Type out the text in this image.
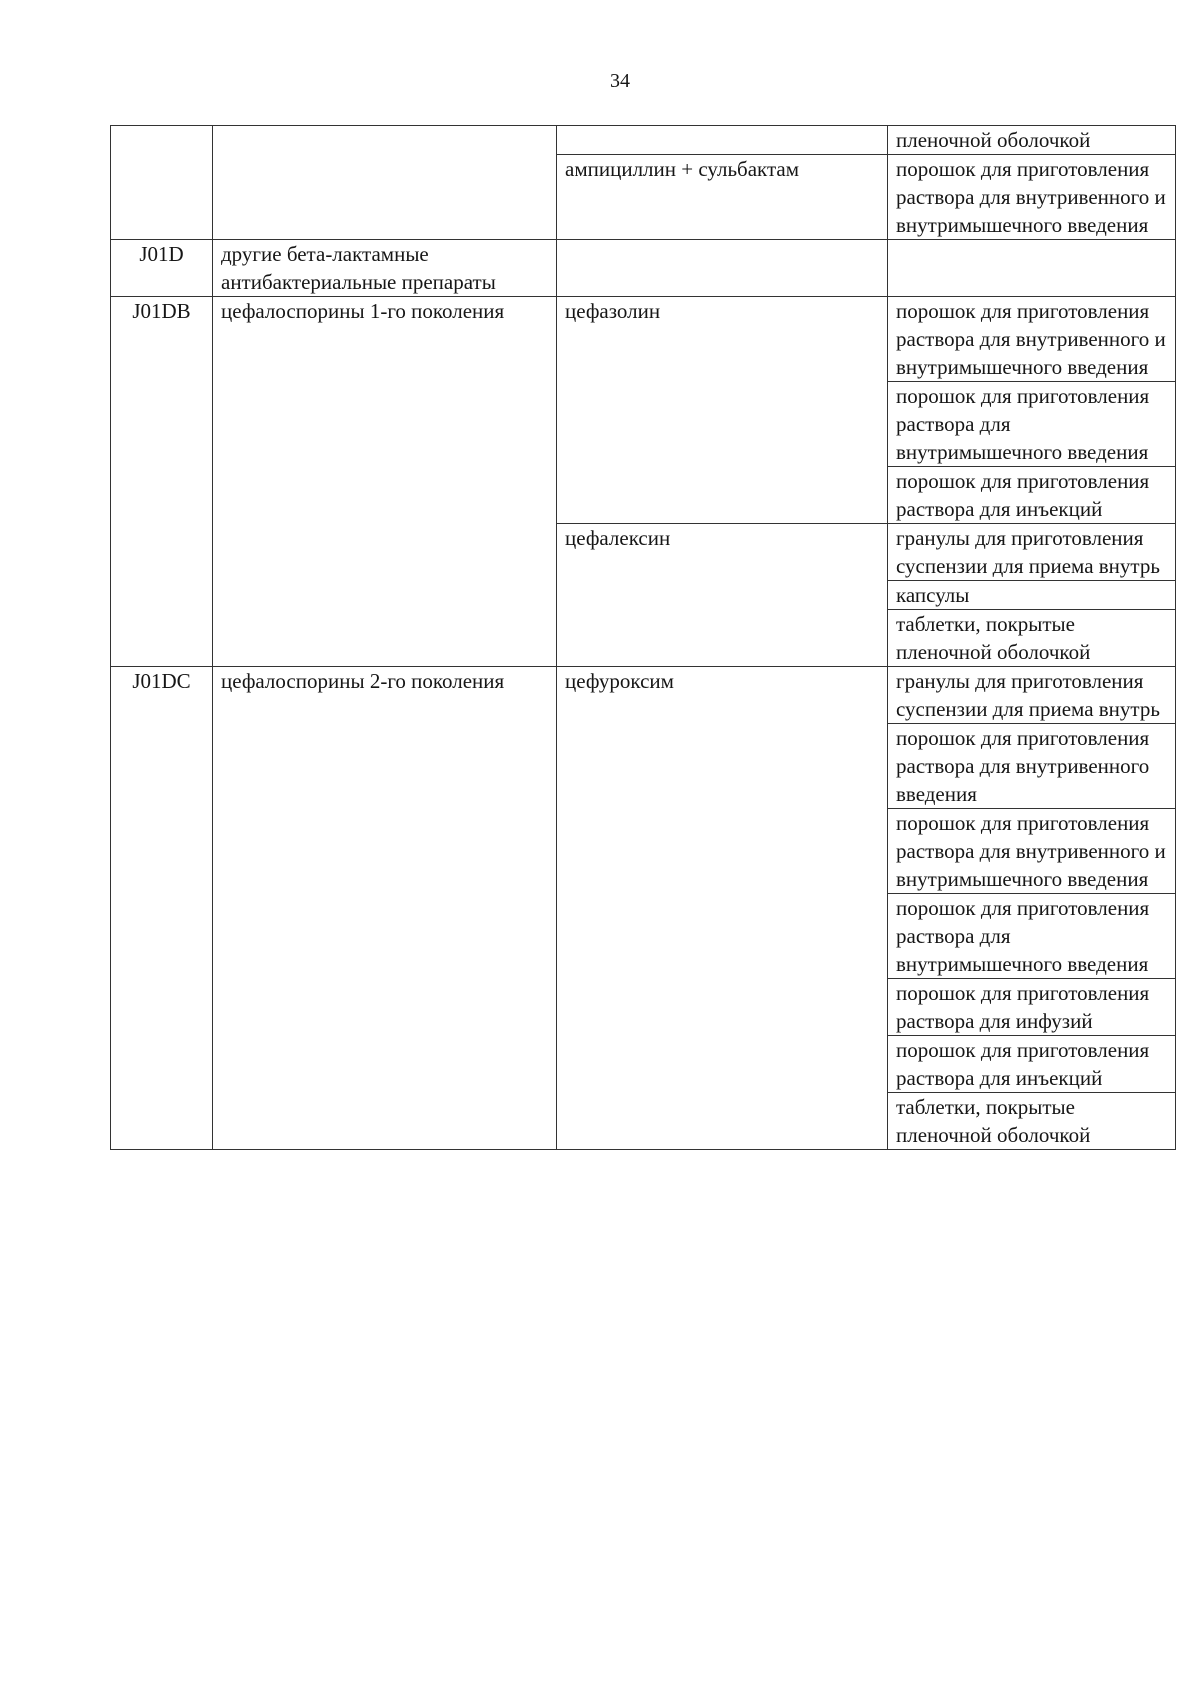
34
			пленочной оболочкой
		ампициллин + сульбактам	порошок для приготовления раствора для внутривенного и внутримышечного введения
J01D	другие бета-лактамные антибактериальные препараты		
J01DB	цефалоспорины 1-го поколения	цефазолин	порошок для приготовления раствора для внутривенного и внутримышечного введения
			порошок для приготовления раствора для внутримышечного введения
			порошок для приготовления раствора для инъекций
		цефалексин	гранулы для приготовления суспензии для приема внутрь
			капсулы
			таблетки, покрытые пленочной оболочкой
J01DC	цефалоспорины 2-го поколения	цефуроксим	гранулы для приготовления суспензии для приема внутрь
			порошок для приготовления раствора для внутривенного введения
			порошок для приготовления раствора для внутривенного и внутримышечного введения
			порошок для приготовления раствора для внутримышечного введения
			порошок для приготовления раствора для инфузий
			порошок для приготовления раствора для инъекций
			таблетки, покрытые пленочной оболочкой
